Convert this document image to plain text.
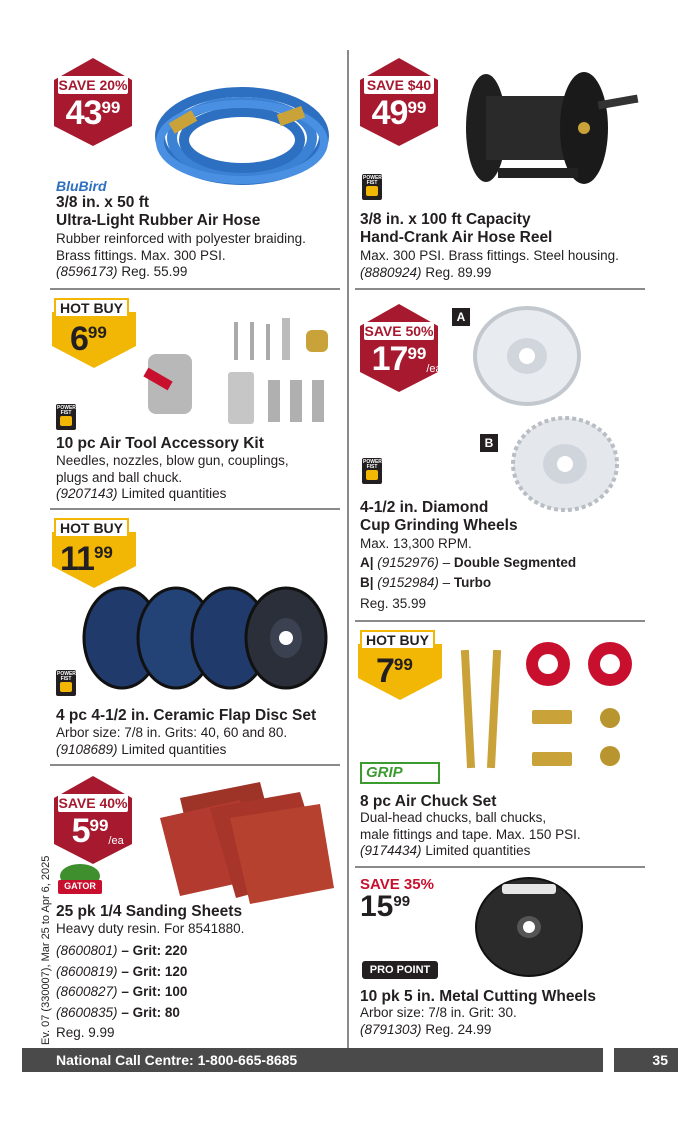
SAVE 20%
4399
BluBird
3/8 in. x 50 ft
Ultra-Light Rubber Air Hose
Rubber reinforced with polyester braiding.
Brass fittings. Max. 300 PSI.
(8596173) Reg. 55.99
SAVE $40
4999
POWER FIST
3/8 in. x 100 ft Capacity
Hand-Crank Air Hose Reel
Max. 300 PSI. Brass fittings. Steel housing.
(8880924) Reg. 89.99
HOT BUY
699
POWER FIST
10 pc Air Tool Accessory Kit
Needles, nozzles, blow gun, couplings,
plugs and ball chuck.
(9207143) Limited quantities
SAVE 50%
1799
/ea
A
B
POWER FIST
4-1/2 in. Diamond
Cup Grinding Wheels
Max. 13,300 RPM.
A| (9152976) – Double Segmented
B| (9152984) – Turbo
Reg. 35.99
HOT BUY
1199
POWER FIST
4 pc 4-1/2 in. Ceramic Flap Disc Set
Arbor size: 7/8 in. Grits: 40, 60 and 80.
(9108689) Limited quantities
HOT BUY
799
GRIP
8 pc Air Chuck Set
Dual-head chucks, ball chucks,
male fittings and tape. Max. 150 PSI.
(9174434) Limited quantities
SAVE 40%
599
/ea
GATOR
25 pk 1/4 Sanding Sheets
Heavy duty resin. For 8541880.
(8600801) – Grit: 220
(8600819) – Grit: 120
(8600827) – Grit: 100
(8600835) – Grit: 80
Reg. 9.99
SAVE 35%
1599
PRO POINT
10 pk 5 in. Metal Cutting Wheels
Arbor size: 7/8 in. Grit: 30.
(8791303) Reg. 24.99
Ev. 07 (330007), Mar 25 to Apr 6, 2025
National Call Centre: 1-800-665-8685	35
